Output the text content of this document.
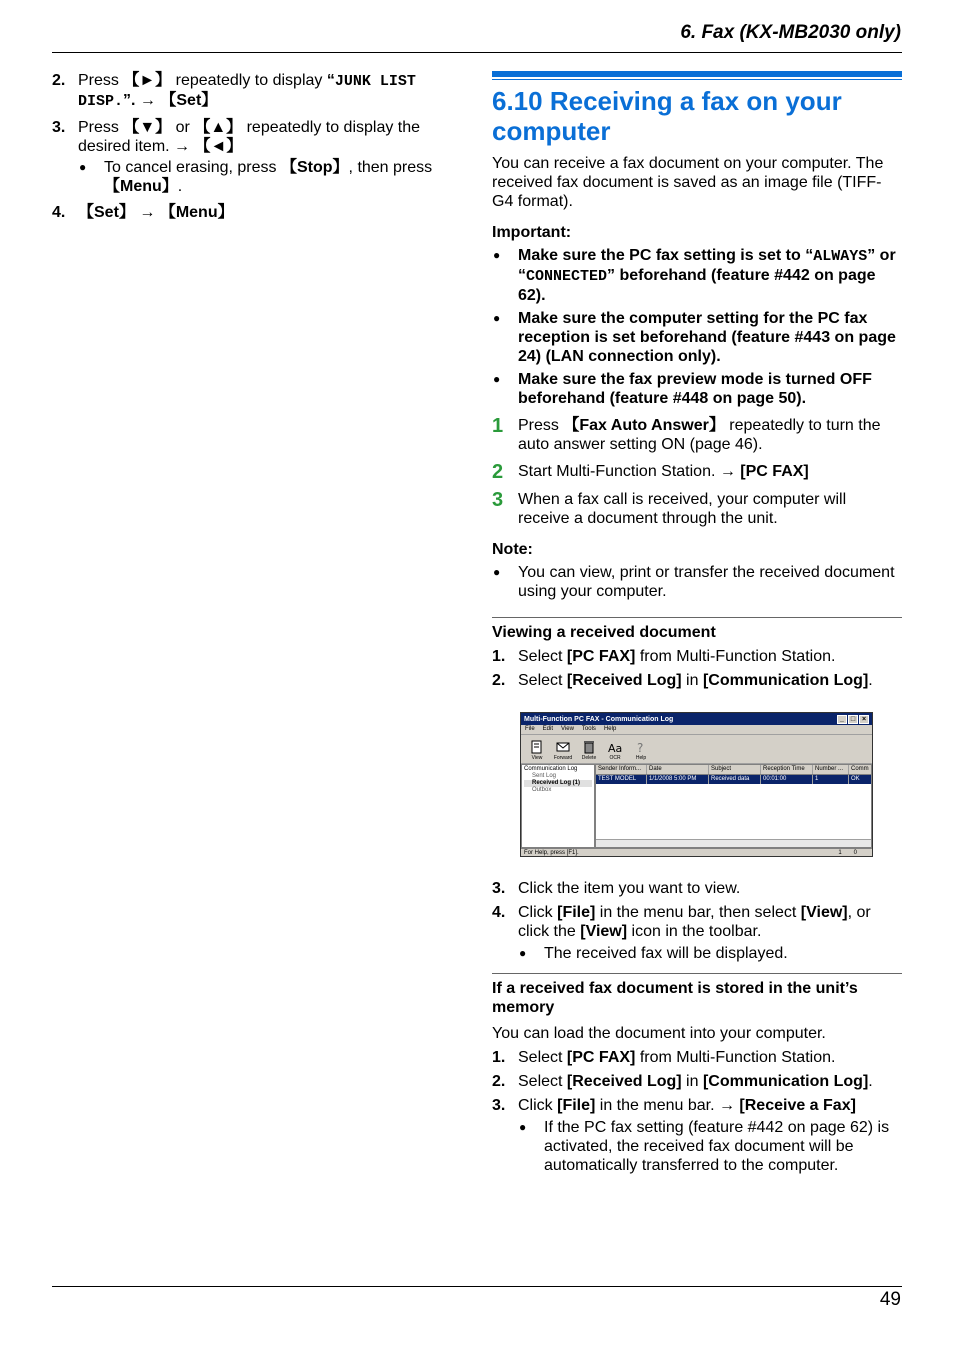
6. Fax (KX-MB2030 only)
2. Press 【►】 repeatedly to display “JUNK LIST DISP.”. → 【Set】
3. Press 【▼】 or 【▲】 repeatedly to display the desired item. → 【◄】
●	To cancel erasing, press 【Stop】, then press 【Menu】.
4. 【Set】 → 【Menu】
6.10 Receiving a fax on your computer
You can receive a fax document on your computer. The received fax document is saved as an image file (TIFF-G4 format).
Important:
●	Make sure the PC fax setting is set to “ALWAYS” or “CONNECTED” beforehand (feature #442 on page 62).
●	Make sure the computer setting for the PC fax reception is set beforehand (feature #443 on page 24) (LAN connection only).
●	Make sure the fax preview mode is turned OFF beforehand (feature #448 on page 50).
1 Press 【Fax Auto Answer】 repeatedly to turn the auto answer setting ON (page 46).
2 Start Multi-Function Station. → [PC FAX]
3 When a fax call is received, your computer will receive a document through the unit.
Note:
●	You can view, print or transfer the received document using your computer.
Viewing a received document
1. Select [PC FAX] from Multi-Function Station.
2. Select [Received Log] in [Communication Log].
Multi-Function PC FAX - Communication Log	_ □ ×
File Edit View Tools Help
View Forward Delete
Aa
OCR
?
Help
Communication Log
Sent Log
Received Log (1)
Outbox
Sender Inform...	Date	Subject	Reception Time	Number ...	Comm
TEST MODEL	1/1/2008 5:00 PM	Received data	00:01:00	1	OK
For Help, press [F1].	1 0
3. Click the item you want to view.
4. Click [File] in the menu bar, then select [View], or click the [View] icon in the toolbar.
●	The received fax will be displayed.
If a received fax document is stored in the unit’s memory
You can load the document into your computer.
1. Select [PC FAX] from Multi-Function Station.
2. Select [Received Log] in [Communication Log].
3. Click [File] in the menu bar. → [Receive a Fax]
●	If the PC fax setting (feature #442 on page 62) is activated, the received fax document will be automatically transferred to the computer.
49
